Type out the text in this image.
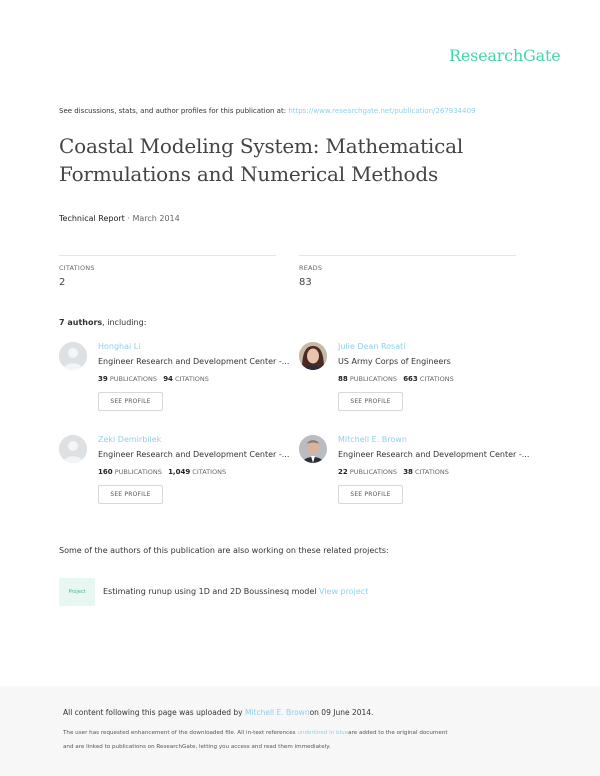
ResearchGate
See discussions, stats, and author profiles for this publication at: https://www.researchgate.net/publication/267934409
Coastal Modeling System: Mathematical
Formulations and Numerical Methods
Technical Report · March 2014
CITATIONS
2
READS
83
7 authors, including:
Honghai Li
Engineer Research and Development Center -...
39 PUBLICATIONS 94 CITATIONS
SEE PROFILE
Julie Dean Rosati
US Army Corps of Engineers
88 PUBLICATIONS 663 CITATIONS
SEE PROFILE
Zeki Demirbilek
Engineer Research and Development Center -...
160 PUBLICATIONS 1,049 CITATIONS
SEE PROFILE
Mitchell E. Brown
Engineer Research and Development Center -...
22 PUBLICATIONS 38 CITATIONS
SEE PROFILE
Some of the authors of this publication are also working on these related projects:
Project	Estimating runup using 1D and 2D Boussinesq model View project
All content following this page was uploaded by Mitchell E. Brownon 09 June 2014.
The user has requested enhancement of the downloaded file. All in-text references underlined in blueare added to the original document
and are linked to publications on ResearchGate, letting you access and read them immediately.
